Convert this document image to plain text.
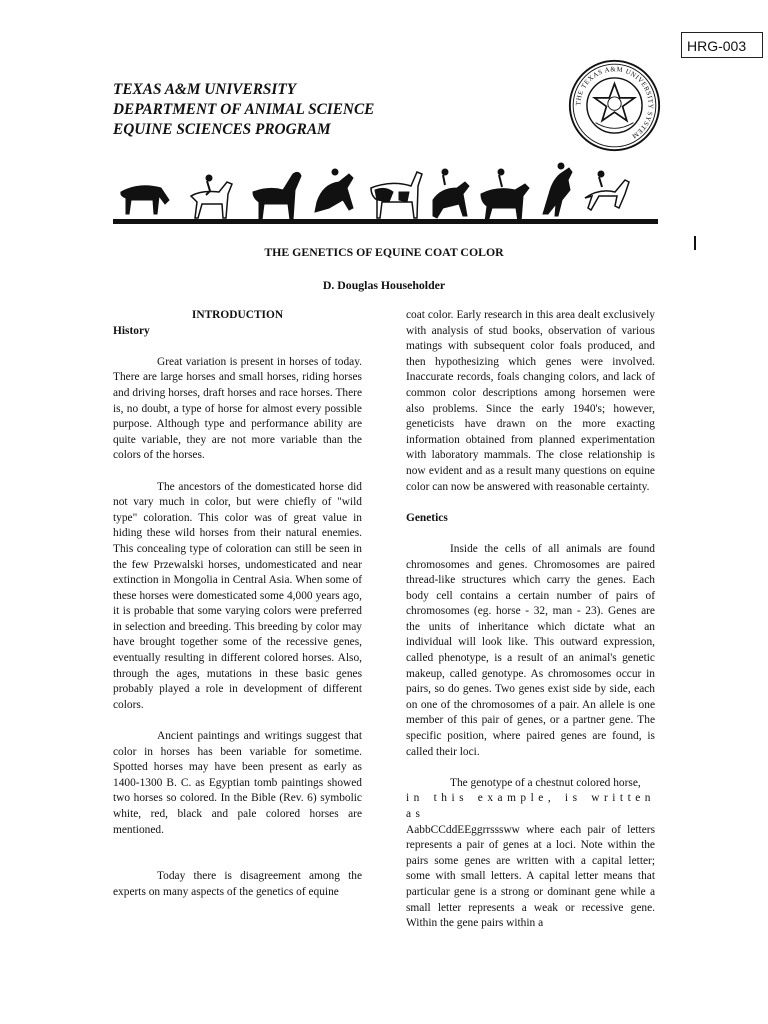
HRG-003
TEXAS A&M UNIVERSITY
DEPARTMENT OF ANIMAL SCIENCE
EQUINE SCIENCES PROGRAM
THE TEXAS A&M UNIVERSITY SYSTEM
THE GENETICS OF EQUINE COAT COLOR
D. Douglas Householder

INTRODUCTION

History

Great variation is present in horses of today. There are large horses and small horses, riding horses and driving horses, draft horses and race horses. There is, no doubt, a type of horse for almost every possible purpose. Although type and performance ability are quite variable, they are not more variable than the colors of the horses.

The ancestors of the domesticated horse did not vary much in color, but were chiefly of "wild type" coloration. This color was of great value in hiding these wild horses from their natural enemies. This concealing type of coloration can still be seen in the few Przewalski horses, undomesticated and near extinction in Mongolia in Central Asia. When some of these horses were domesticated some 4,000 years ago, it is probable that some varying colors were preferred in selection and breeding. This breeding by color may have brought together some of the recessive genes, eventually resulting in different colored horses. Also, through the ages, mutations in these basic genes probably played a role in development of different colors.

Ancient paintings and writings suggest that color in horses has been variable for sometime. Spotted horses may have been present as early as 1400-1300 B. C. as Egyptian tomb paintings showed two horses so colored. In the Bible (Rev. 6) symbolic white, red, black and pale colored horses are mentioned.

Today there is disagreement among the experts on many aspects of the genetics of equine

coat color. Early research in this area dealt exclusively with analysis of stud books, observation of various matings with subsequent color foals produced, and then hypothesizing which genes were involved. Inaccurate records, foals changing colors, and lack of common color descriptions among horsemen were also problems. Since the early 1940's; however, geneticists have drawn on the more exacting information obtained from planned experimentation with laboratory mammals. The close relationship is now evident and as a result many questions on equine color can now be answered with reasonable certainty.

Genetics

Inside the cells of all animals are found chromosomes and genes. Chromosomes are paired thread-like structures which carry the genes. Each body cell contains a certain number of pairs of chromosomes (eg. horse - 32, man - 23). Genes are the units of inheritance which dictate what an individual will look like. This outward expression, called phenotype, is a result of an animal's genetic makeup, called genotype. As chromosomes occur in pairs, so do genes. Two genes exist side by side, each on one of the chromosomes of a pair. An allele is one member of this pair of genes, or a partner gene. The specific position, where paired genes are found, is called their loci.

The genotype of a chestnut colored horse,

in this example, is written as

AabbCCddEEggrrsssww where each pair of letters represents a pair of genes at a loci. Note within the pairs some genes are written with a capital letter; some with small letters. A capital letter means that particular gene is a strong or dominant gene while a small letter represents a weak or recessive gene. Within the gene pairs within a
